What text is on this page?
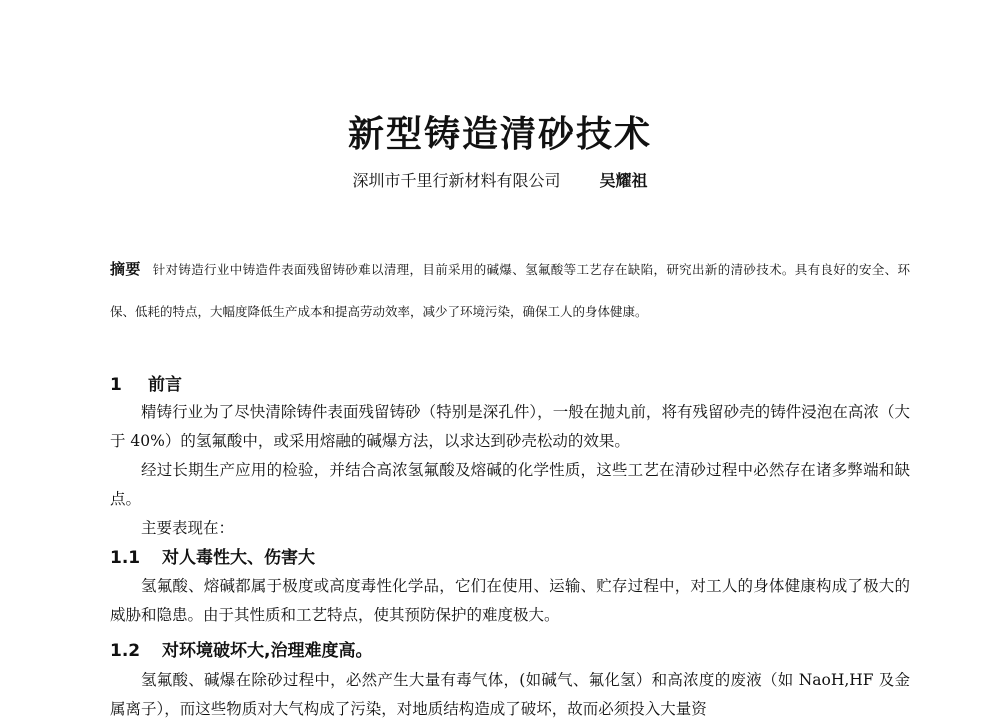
新型铸造清砂技术
深圳市千里行新材料有限公司 吴耀祖
摘要 针对铸造行业中铸造件表面残留铸砂难以清理，目前采用的碱爆、氢氟酸等工艺存在缺陷，研究出新的清砂技术。具有良好的安全、环保、低耗的特点，大幅度降低生产成本和提高劳动效率，减少了环境污染，确保工人的身体健康。
1 前言
精铸行业为了尽快清除铸件表面残留铸砂（特别是深孔件），一般在抛丸前，将有残留砂壳的铸件浸泡在高浓（大于 40%）的氢氟酸中，或采用熔融的碱爆方法，以求达到砂壳松动的效果。
经过长期生产应用的检验，并结合高浓氢氟酸及熔碱的化学性质，这些工艺在清砂过程中必然存在诸多弊端和缺点。
主要表现在：
1.1 对人毒性大、伤害大
氢氟酸、熔碱都属于极度或高度毒性化学品，它们在使用、运输、贮存过程中，对工人的身体健康构成了极大的威胁和隐患。由于其性质和工艺特点，使其预防保护的难度极大。
1.2 对环境破坏大,治理难度高。
氢氟酸、碱爆在除砂过程中，必然产生大量有毒气体，(如碱气、氟化氢）和高浓度的废液（如 NaoH,HF 及金属离子），而这些物质对大气构成了污染，对地质结构造成了破坏，故而必须投入大量资
